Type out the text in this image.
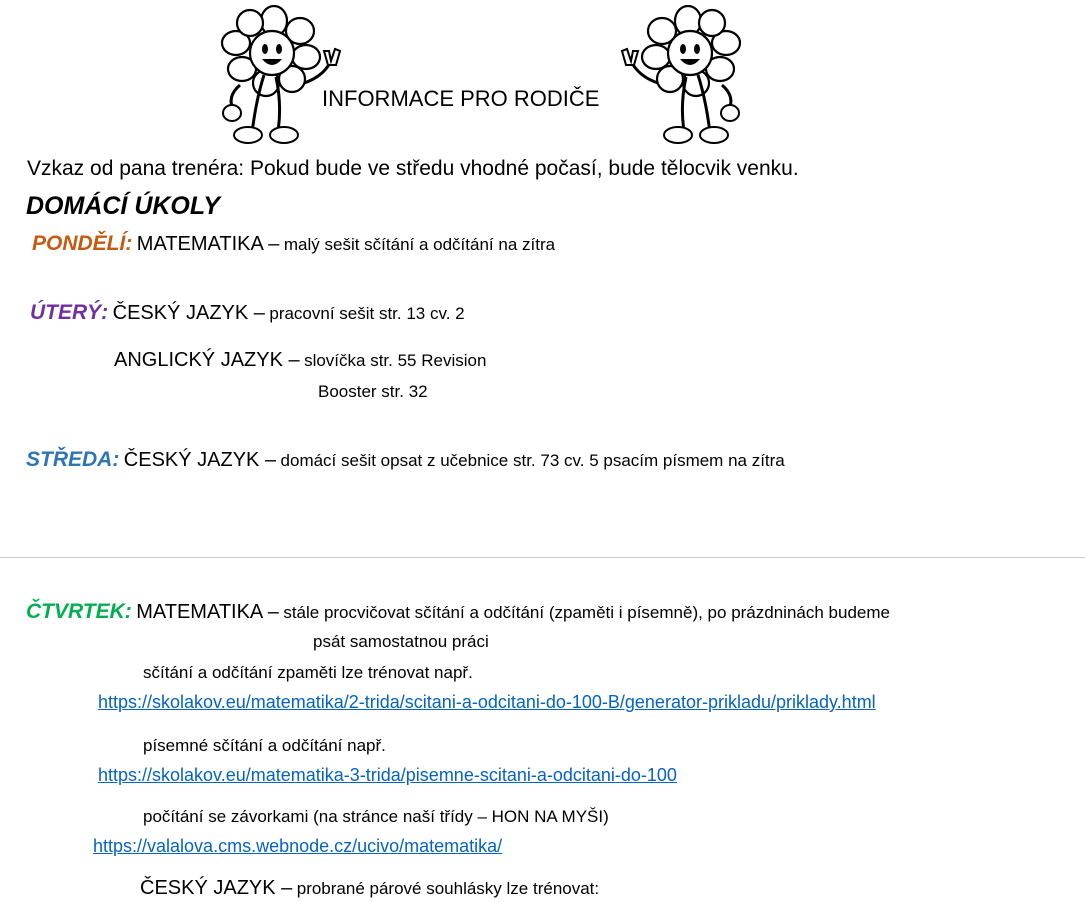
INFORMACE PRO RODIČE
Vzkaz od pana trenéra: Pokud bude ve středu vhodné počasí, bude tělocvik venku.
DOMÁCÍ ÚKOLY
PONDĚLÍ: MATEMATIKA – malý sešit sčítání a odčítání na zítra
ÚTERÝ: ČESKÝ JAZYK – pracovní sešit str. 13 cv. 2
ANGLICKÝ JAZYK – slovíčka str. 55 Revision
Booster str. 32
STŘEDA: ČESKÝ JAZYK – domácí sešit opsat z učebnice str. 73 cv. 5 psacím písmem na zítra
ČTVRTEK: MATEMATIKA – stále procvičovat sčítání a odčítání (zpaměti i písemně), po prázdninách budeme
psát samostatnou práci
sčítání a odčítání zpaměti lze trénovat např.
https://skolakov.eu/matematika/2-trida/scitani-a-odcitani-do-100-B/generator-prikladu/priklady.html
písemné sčítání a odčítání např.
https://skolakov.eu/matematika-3-trida/pisemne-scitani-a-odcitani-do-100
počítání se závorkami (na stránce naší třídy – HON NA MYŠI)
https://valalova.cms.webnode.cz/ucivo/matematika/
ČESKÝ JAZYK – probrané párové souhlásky lze trénovat:
